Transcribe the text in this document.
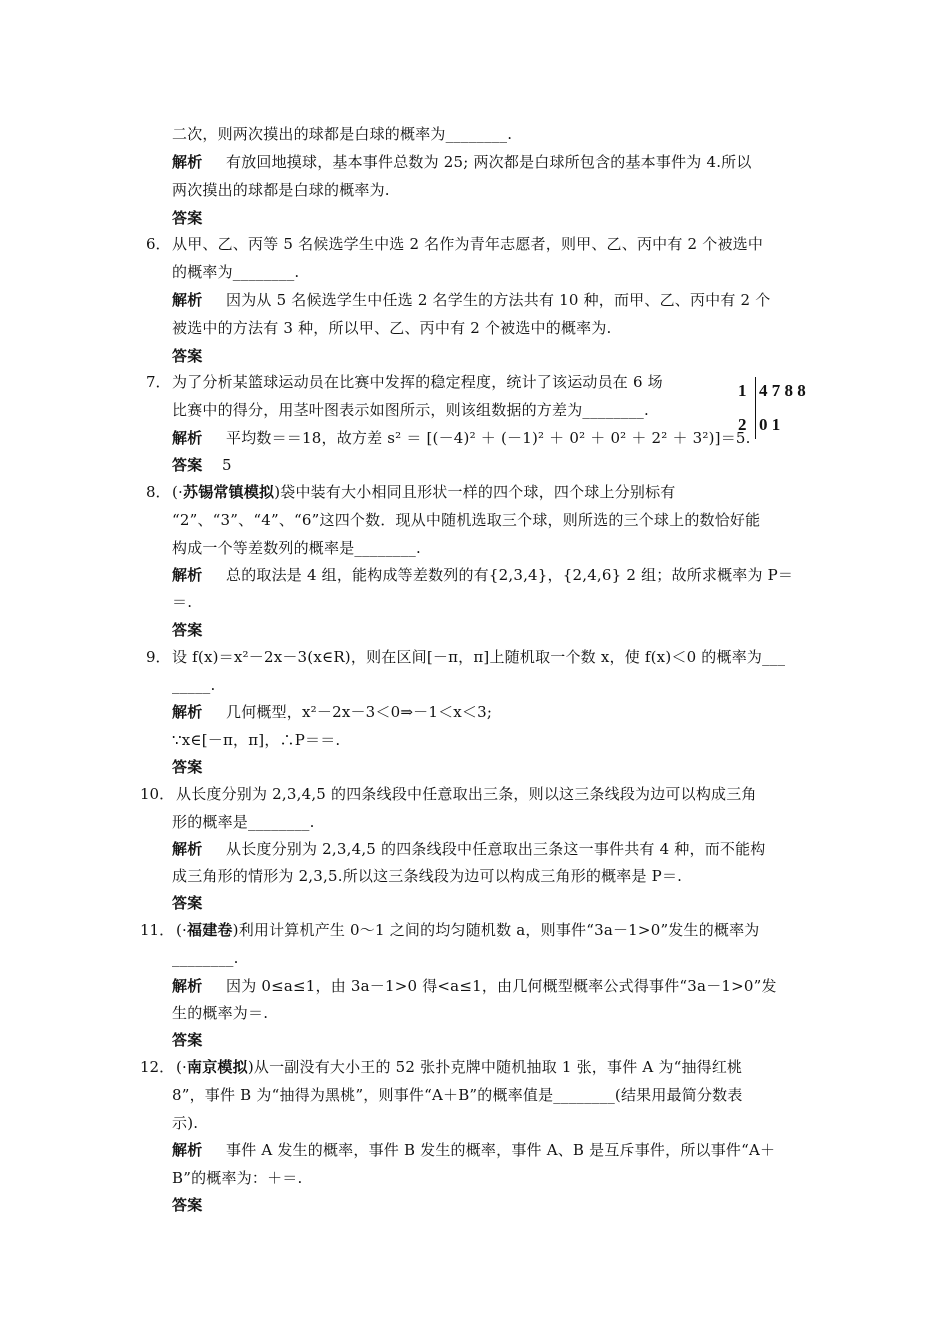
二次，则两次摸出的球都是白球的概率为________.
解析 有放回地摸球，基本事件总数为 25; 两次都是白球所包含的基本事件为 4.所以
两次摸出的球都是白球的概率为.
答案
6． 从甲、乙、丙等 5 名候选学生中选 2 名作为青年志愿者，则甲、乙、丙中有 2 个被选中
的概率为________.
解析 因为从 5 名候选学生中任选 2 名学生的方法共有 10 种，而甲、乙、丙中有 2 个
被选中的方法有 3 种，所以甲、乙、丙中有 2 个被选中的概率为.
答案
7． 为了分析某篮球运动员在比赛中发挥的稳定程度，统计了该运动员在 6 场
比赛中的得分，用茎叶图表示如图所示，则该组数据的方差为________.
解析 平均数＝＝18，故方差 s² ＝ [(－4)² ＋ (－1)² ＋ 0² ＋ 0² ＋ 2² ＋ 3²)]＝5.
答案 5
1 4 7 8 8
2 0 1
8． (·苏锡常镇模拟)袋中装有大小相同且形状一样的四个球，四个球上分别标有
“2”、“3”、“4”、“6”这四个数．现从中随机选取三个球，则所选的三个球上的数恰好能
构成一个等差数列的概率是________.
解析 总的取法是 4 组，能构成等差数列的有{2,3,4}，{2,4,6} 2 组；故所求概率为 P＝
＝.
答案
9． 设 f(x)＝x²－2x－3(x∈R)，则在区间[－π，π]上随机取一个数 x，使 f(x)＜0 的概率为___
_____.
解析 几何概型，x²－2x－3＜0⇒－1＜x＜3;
∵x∈[－π，π]，∴P＝＝.
答案
10． 从长度分别为 2,3,4,5 的四条线段中任意取出三条，则以这三条线段为边可以构成三角
形的概率是________.
解析 从长度分别为 2,3,4,5 的四条线段中任意取出三条这一事件共有 4 种，而不能构
成三角形的情形为 2,3,5.所以这三条线段为边可以构成三角形的概率是 P＝.
答案
11． (·福建卷)利用计算机产生 0～1 之间的均匀随机数 a，则事件“3a－1>0”发生的概率为
________.
解析 因为 0≤a≤1，由 3a－1>0 得<a≤1，由几何概型概率公式得事件“3a－1>0”发
生的概率为＝.
答案
12． (·南京模拟)从一副没有大小王的 52 张扑克牌中随机抽取 1 张，事件 A 为“抽得红桃
8”，事件 B 为“抽得为黑桃”，则事件“A＋B”的概率值是________(结果用最简分数表
示).
解析 事件 A 发生的概率，事件 B 发生的概率，事件 A、B 是互斥事件，所以事件“A＋
B”的概率为：＋＝.
答案
